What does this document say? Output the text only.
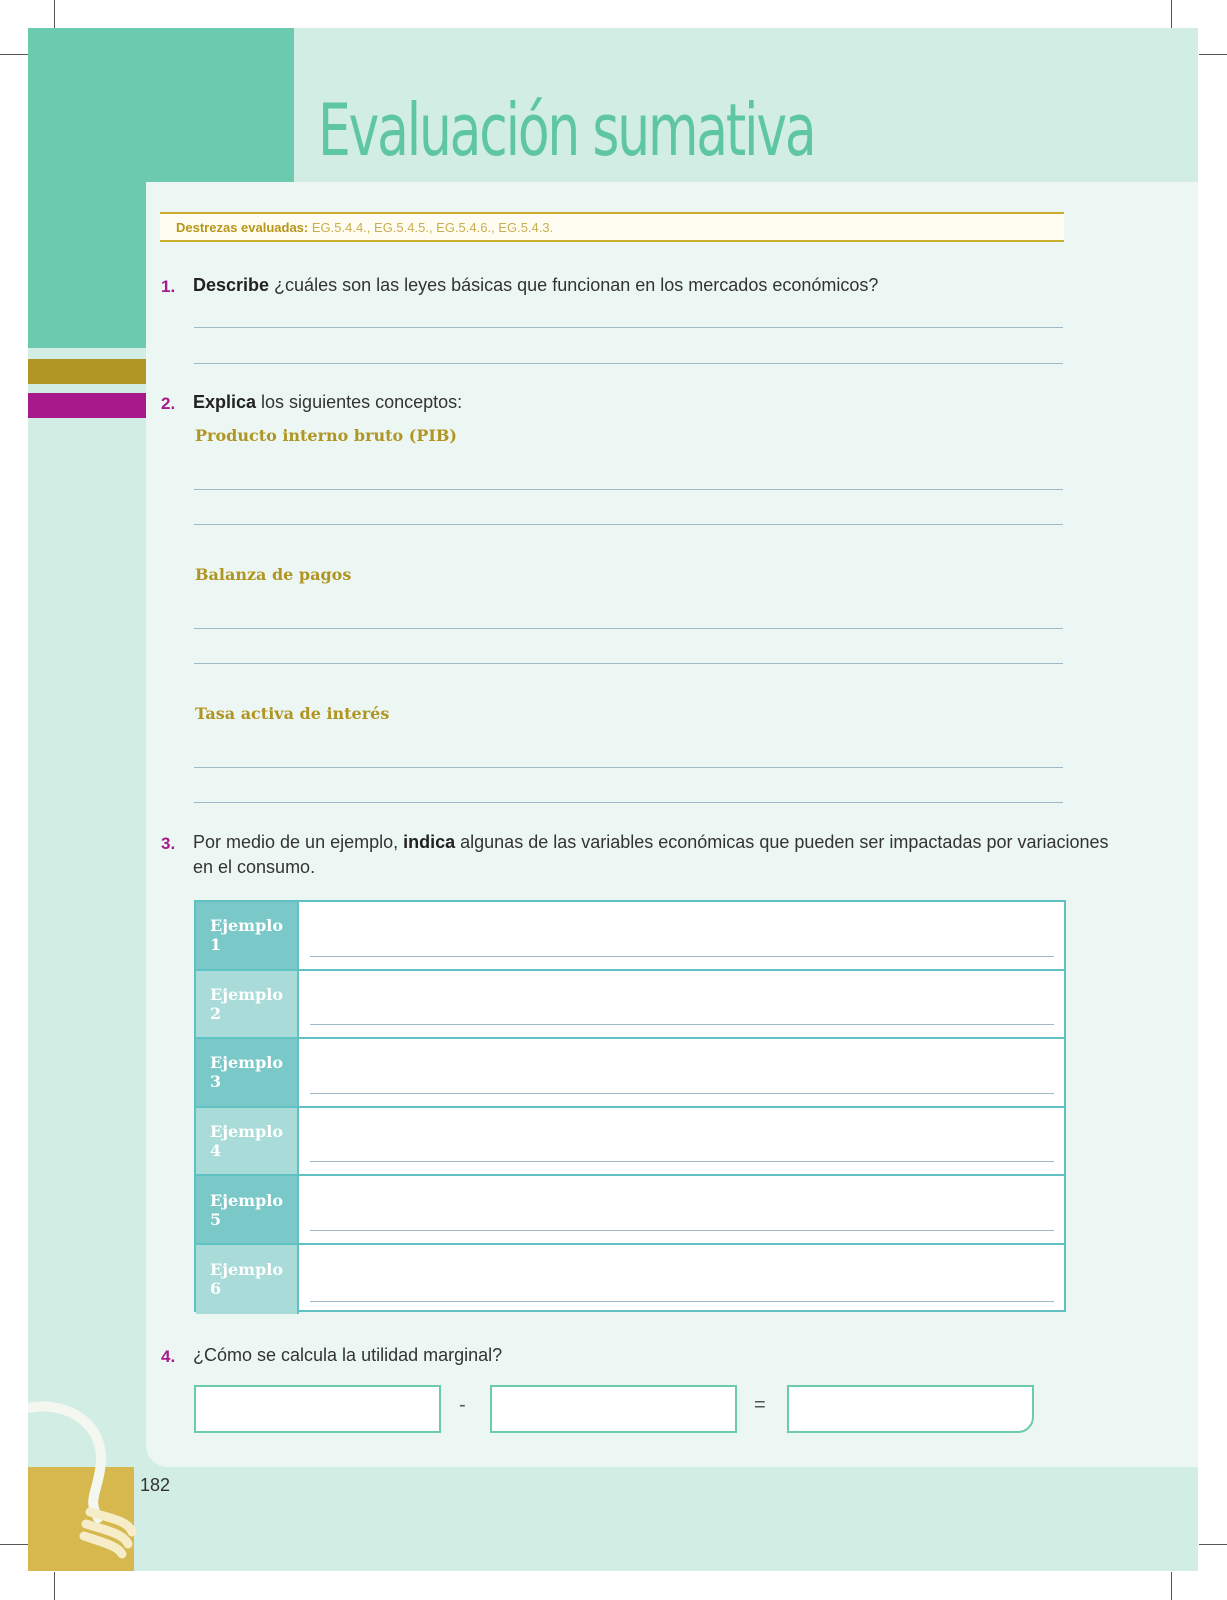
Evaluación sumativa
Destrezas evaluadas: EG.5.4.4., EG.5.4.5., EG.5.4.6., EG.5.4.3.
1. Describe ¿cuáles son las leyes básicas que funcionan en los mercados económicos?
2. Explica los siguientes conceptos:
Producto interno bruto (PIB)
Balanza de pagos
Tasa activa de interés
3. Por medio de un ejemplo, indica algunas de las variables económicas que pueden ser impactadas por variaciones
en el consumo.
Ejemplo 1
Ejemplo 2
Ejemplo 3
Ejemplo 4
Ejemplo 5
Ejemplo 6
4. ¿Cómo se calcula la utilidad marginal?
-	=
182
